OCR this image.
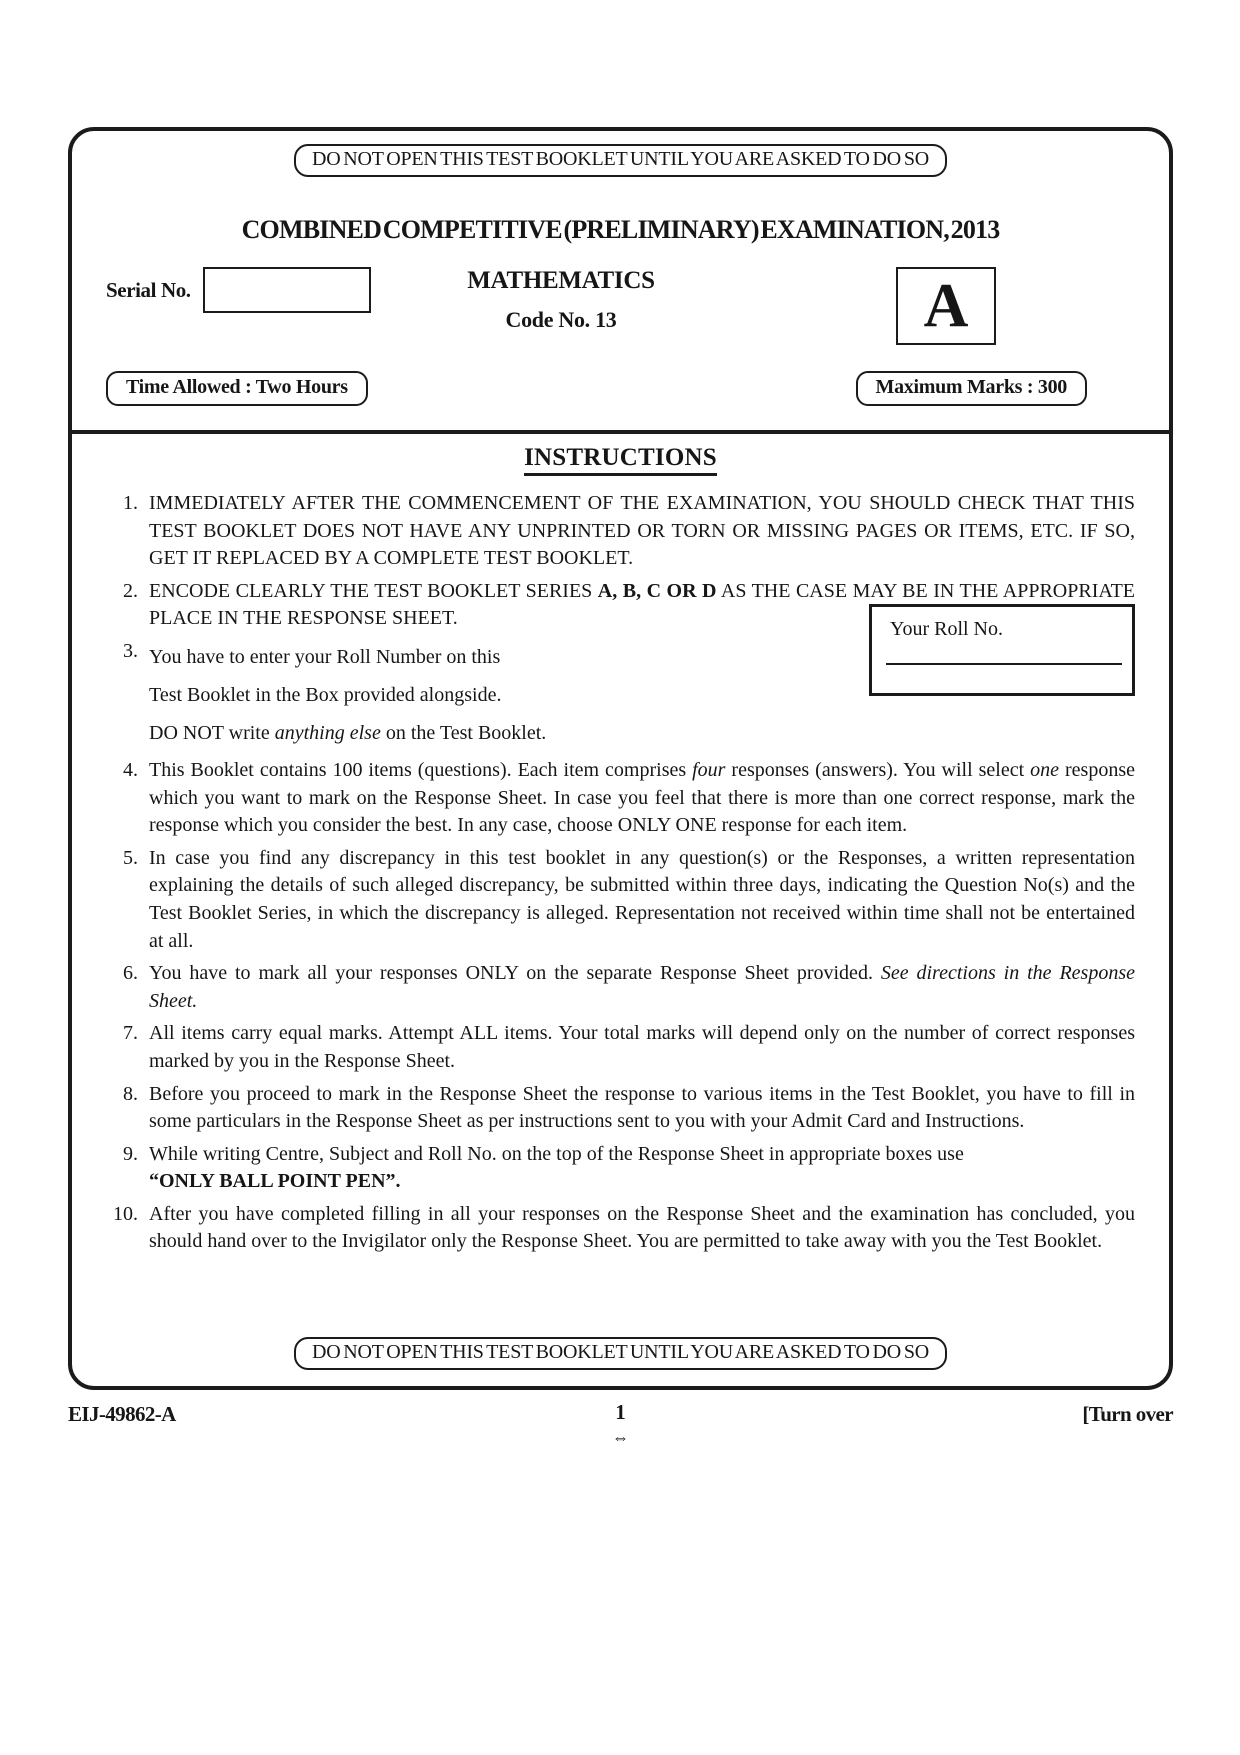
DO NOT OPEN THIS TEST BOOKLET UNTIL YOU ARE ASKED TO DO SO
COMBINED COMPETITIVE (PRELIMINARY) EXAMINATION, 2013
Serial No.	MATHEMATICS
Code No. 13	A
Time Allowed : Two Hours	Maximum Marks : 300
INSTRUCTIONS
1. IMMEDIATELY AFTER THE COMMENCEMENT OF THE EXAMINATION, YOU SHOULD CHECK THAT THIS TEST BOOKLET DOES NOT HAVE ANY UNPRINTED OR TORN OR MISSING PAGES OR ITEMS, ETC. IF SO, GET IT REPLACED BY A COMPLETE TEST BOOKLET.
2. ENCODE CLEARLY THE TEST BOOKLET SERIES A, B, C OR D AS THE CASE MAY BE IN THE APPROPRIATE PLACE IN THE RESPONSE SHEET.
3.
Your Roll No.
You have to enter your Roll Number on this
Test Booklet in the Box provided alongside.
DO NOT write anything else on the Test Booklet.
4. This Booklet contains 100 items (questions). Each item comprises four responses (answers). You will select one response which you want to mark on the Response Sheet. In case you feel that there is more than one correct response, mark the response which you consider the best. In any case, choose ONLY ONE response for each item.
5. In case you find any discrepancy in this test booklet in any question(s) or the Responses, a written representation explaining the details of such alleged discrepancy, be submitted within three days, indicating the Question No(s) and the Test Booklet Series, in which the discrepancy is alleged. Representation not received within time shall not be entertained at all.
6. You have to mark all your responses ONLY on the separate Response Sheet provided. See directions in the Response Sheet.
7. All items carry equal marks. Attempt ALL items. Your total marks will depend only on the number of correct responses marked by you in the Response Sheet.
8. Before you proceed to mark in the Response Sheet the response to various items in the Test Booklet, you have to fill in some particulars in the Response Sheet as per instructions sent to you with your Admit Card and Instructions.
9. While writing Centre, Subject and Roll No. on the top of the Response Sheet in appropriate boxes use
“ONLY BALL POINT PEN”.
10. After you have completed filling in all your responses on the Response Sheet and the examination has concluded, you should hand over to the Invigilator only the Response Sheet. You are permitted to take away with you the Test Booklet.
DO NOT OPEN THIS TEST BOOKLET UNTIL YOU ARE ASKED TO DO SO
EIJ-49862-A	1
⇔
[Turn over
